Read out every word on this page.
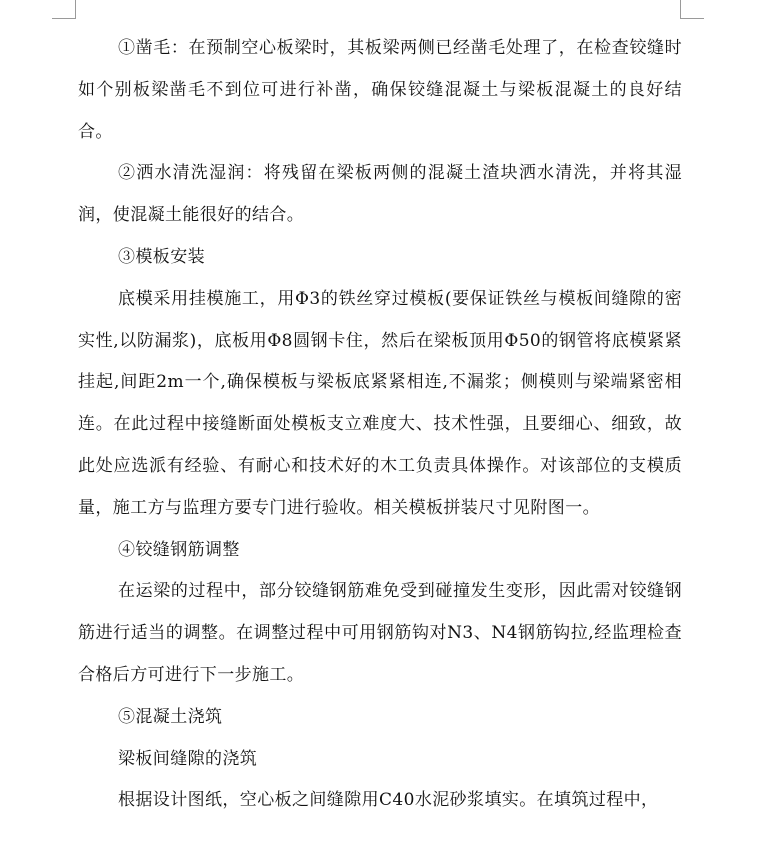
①凿毛：在预制空心板梁时，其板梁两侧已经凿毛处理了，在检查铰缝时如个别板梁凿毛不到位可进行补凿，确保铰缝混凝土与梁板混凝土的良好结合。

②洒水清洗湿润：将残留在梁板两侧的混凝土渣块洒水清洗，并将其湿润，使混凝土能很好的结合。

③模板安装

底模采用挂模施工，用Φ3的铁丝穿过模板(要保证铁丝与模板间缝隙的密实性,以防漏浆)，底板用Φ8圆钢卡住，然后在梁板顶用Φ50的钢管将底模紧紧挂起,间距2m一个,确保模板与梁板底紧紧相连,不漏浆；侧模则与梁端紧密相连。在此过程中接缝断面处模板支立难度大、技术性强，且要细心、细致，故此处应选派有经验、有耐心和技术好的木工负责具体操作。对该部位的支模质量，施工方与监理方要专门进行验收。相关模板拼装尺寸见附图一。

④铰缝钢筋调整

在运梁的过程中，部分铰缝钢筋难免受到碰撞发生变形，因此需对铰缝钢筋进行适当的调整。在调整过程中可用钢筋钩对N3、N4钢筋钩拉,经监理检查合格后方可进行下一步施工。

⑤混凝土浇筑

梁板间缝隙的浇筑

根据设计图纸，空心板之间缝隙用C40水泥砂浆填实。在填筑过程中，
